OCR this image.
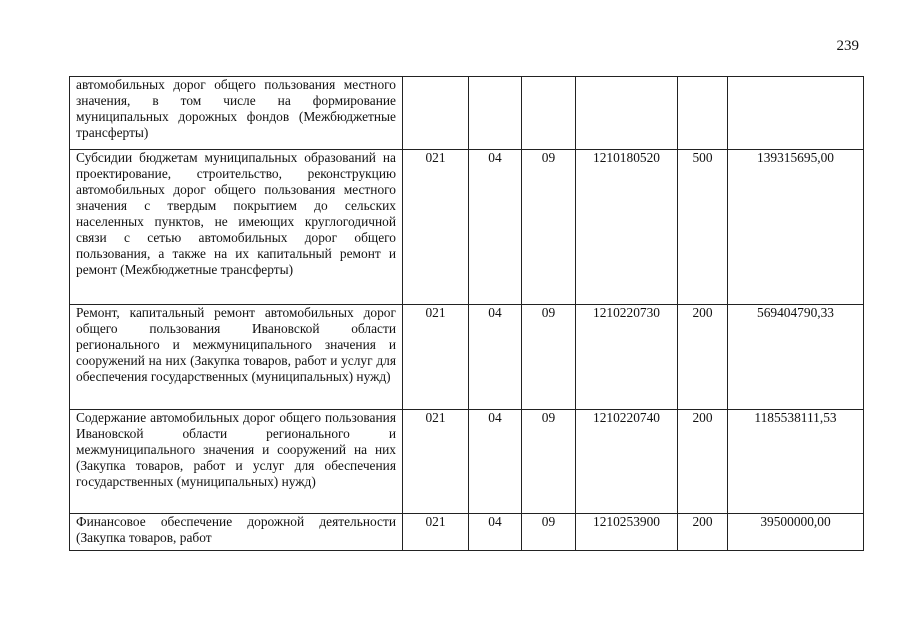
239
автомобильных дорог общего пользования местного значения, в том числе на формирование муниципальных дорожных фондов (Межбюджетные трансферты)						
Субсидии бюджетам муниципальных образований на проектирование, строительство, реконструкцию автомобильных дорог общего пользования местного значения с твердым покрытием до сельских населенных пунктов, не имеющих круглогодичной связи с сетью автомобильных дорог общего пользования, а также на их капитальный ремонт и ремонт (Межбюджетные трансферты)	021	04	09	1210180520	500	139315695,00
Ремонт, капитальный ремонт автомобильных дорог общего пользования Ивановской области регионального и межмуниципального значения и сооружений на них (Закупка товаров, работ и услуг для обеспечения государственных (муниципальных) нужд)	021	04	09	1210220730	200	569404790,33
Содержание автомобильных дорог общего пользования Ивановской области регионального и межмуниципального значения и сооружений на них (Закупка товаров, работ и услуг для обеспечения государственных (муниципальных) нужд)	021	04	09	1210220740	200	1185538111,53
Финансовое обеспечение дорожной деятельности (Закупка товаров, работ	021	04	09	1210253900	200	39500000,00
